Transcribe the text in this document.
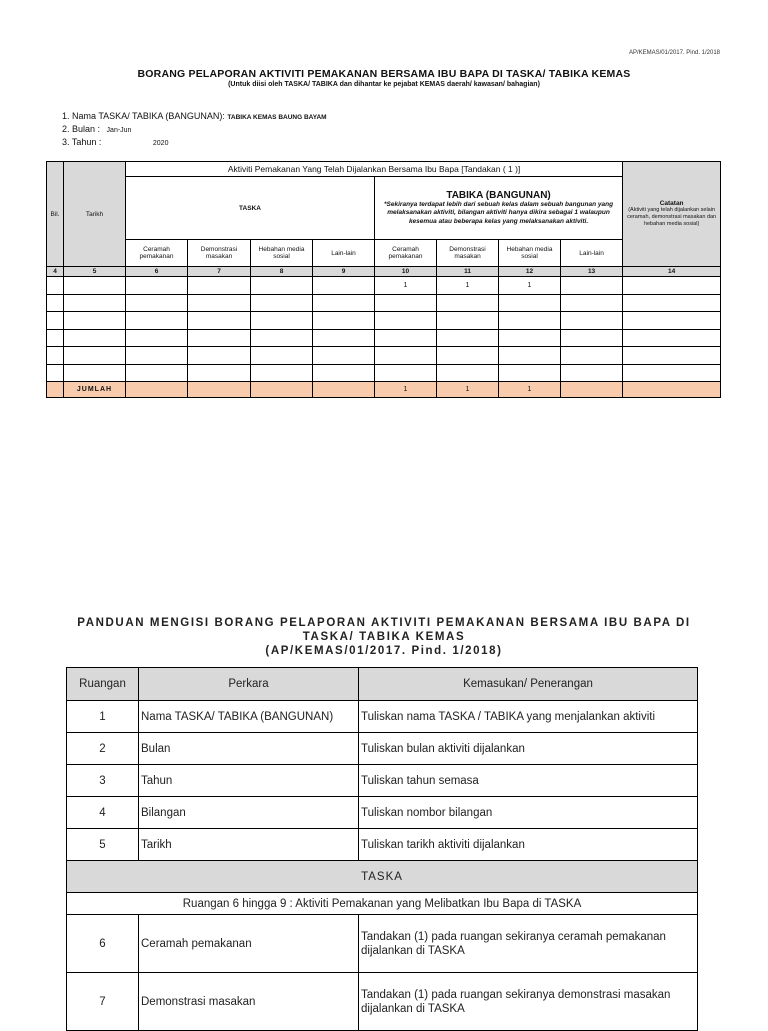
AP/KEMAS/01/2017. Pind. 1/2018
BORANG PELAPORAN AKTIVITI PEMAKANAN BERSAMA IBU BAPA DI TASKA/ TABIKA KEMAS
(Untuk diisi oleh TASKA/ TABIKA dan dihantar ke pejabat KEMAS daerah/ kawasan/ bahagian)
1. Nama TASKA/ TABIKA (BANGUNAN): TABIKA KEMAS BAUNG BAYAM
2. Bulan : Jan-Jun
3. Tahun :	2020
Bil.	Tarikh	Aktiviti Pemakanan Yang Telah Dijalankan Bersama Ibu Bapa [Tandakan ( 1 )]								Catatan
(Aktiviti yang telah dijalankan selain ceramah, demonstrasi masakan dan hebahan media sosial)

		TASKA				TABIKA (BANGUNAN)
*Sekiranya terdapat lebih dari sebuah kelas dalam sebuah bangunan yang melaksanakan aktiviti, bilangan aktiviti hanya dikira sebagai 1 walaupun kesemua atau beberapa kelas yang melaksanakan aktiviti.				

		Ceramah pemakanan	Demonstrasi masakan	Hebahan media sosial	Lain-lain	Ceramah pemakanan	Demonstrasi masakan	Hebahan media sosial	Lain-lain	
4	5	6	7	8	9	10	11	12	13	14
						1	1	1		

	JUMLAH					1	1	1		
PANDUAN MENGISI BORANG PELAPORAN AKTIVITI PEMAKANAN BERSAMA IBU BAPA DI
TASKA/ TABIKA KEMAS
(AP/KEMAS/01/2017. Pind. 1/2018)
Ruangan	Perkara	Kemasukan/ Penerangan
1	Nama TASKA/ TABIKA (BANGUNAN)	Tuliskan nama TASKA / TABIKA yang menjalankan aktiviti
2	Bulan	Tuliskan bulan aktiviti dijalankan
3	Tahun	Tuliskan tahun semasa
4	Bilangan	Tuliskan nombor bilangan
5	Tarikh	Tuliskan tarikh aktiviti dijalankan
TASKA		
Ruangan 6 hingga 9 : Aktiviti Pemakanan yang Melibatkan Ibu Bapa di TASKA		
6	Ceramah pemakanan	Tandakan (1) pada ruangan sekiranya ceramah pemakanan dijalankan di TASKA
7	Demonstrasi masakan	Tandakan (1) pada ruangan sekiranya demonstrasi masakan dijalankan di TASKA
